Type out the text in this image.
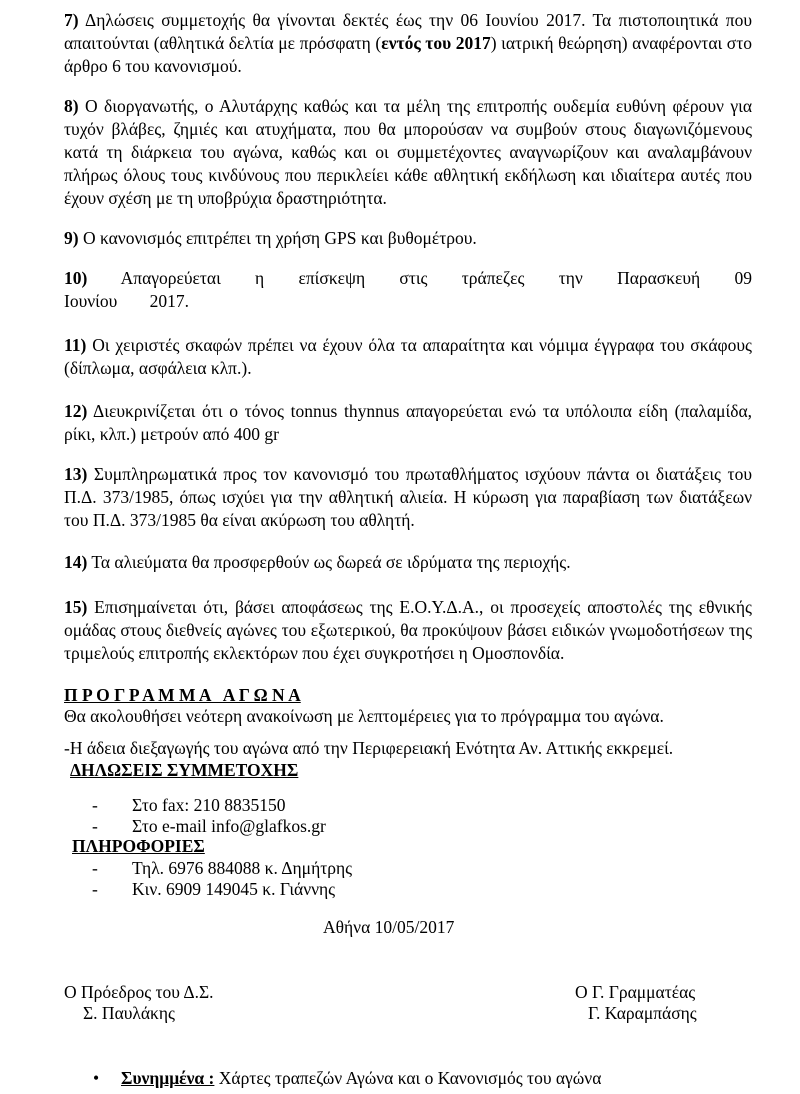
7) Δηλώσεις συμμετοχής θα γίνονται δεκτές έως την 06 Ιουνίου 2017. Τα πιστοποιητικά που απαιτούνται (αθλητικά δελτία με πρόσφατη (εντός του 2017) ιατρική θεώρηση) αναφέρονται στο άρθρο 6 του κανονισμού.
8) Ο διοργανωτής, ο Αλυτάρχης καθώς και τα μέλη της επιτροπής ουδεμία ευθύνη φέρουν για τυχόν βλάβες, ζημιές και ατυχήματα, που θα μπορούσαν να συμβούν στους διαγωνιζόμενους κατά τη διάρκεια του αγώνα, καθώς και οι συμμετέχοντες αναγνωρίζουν και αναλαμβάνουν πλήρως όλους τους κινδύνους που περικλείει κάθε αθλητική εκδήλωση και ιδιαίτερα αυτές που έχουν σχέση με τη υποβρύχια δραστηριότητα.
9) Ο κανονισμός επιτρέπει τη χρήση GPS και βυθομέτρου.
10) Απαγορεύεται η επίσκεψη στις τράπεζες την Παρασκευή 09 Ιουνίου 2017.
11) Οι χειριστές σκαφών πρέπει να έχουν όλα τα απαραίτητα και νόμιμα έγγραφα του σκάφους (δίπλωμα, ασφάλεια κλπ.).
12) Διευκρινίζεται ότι ο τόνος tonnus thynnus απαγορεύεται ενώ τα υπόλοιπα είδη (παλαμίδα, ρίκι, κλπ.) μετρούν από 400 gr
13) Συμπληρωματικά προς τον κανονισμό του πρωταθλήματος ισχύουν πάντα οι διατάξεις του Π.Δ. 373/1985, όπως ισχύει για την αθλητική αλιεία. Η κύρωση για παραβίαση των διατάξεων του Π.Δ. 373/1985 θα είναι ακύρωση του αθλητή.
14) Τα αλιεύματα θα προσφερθούν ως δωρεά σε ιδρύματα της περιοχής.
15) Επισημαίνεται ότι, βάσει αποφάσεως της Ε.Ο.Υ.Δ.Α., οι προσεχείς αποστολές της εθνικής ομάδας στους διεθνείς αγώνες του εξωτερικού, θα προκύψουν βάσει ειδικών γνωμοδοτήσεων της τριμελούς επιτροπής εκλεκτόρων που έχει συγκροτήσει η Ομοσπονδία.
Π Ρ Ο Γ Ρ Α Μ Μ Α   Α Γ Ω Ν Α
Θα ακολουθήσει νεότερη ανακοίνωση με λεπτομέρειες για το πρόγραμμα του αγώνα.
-Η άδεια διεξαγωγής του αγώνα από την Περιφερειακή Ενότητα Αν. Αττικής εκκρεμεί.
ΔΗΛΩΣΕΙΣ ΣΥΜΜΕΤΟΧΗΣ
- Στο fax: 210 8835150
- Στο e-mail info@glafkos.gr
ΠΛΗΡΟΦΟΡΙΕΣ
- Τηλ. 6976 884088 κ. Δημήτρης
- Κιν. 6909 149045 κ. Γιάννης
Αθήνα 10/05/2017
Ο Πρόεδρος του Δ.Σ.
Σ. Παυλάκης
Ο Γ. Γραμματέας
Γ. Καραμπάσης
• Συνημμένα : Χάρτες τραπεζών Αγώνα και ο Κανονισμός του αγώνα
